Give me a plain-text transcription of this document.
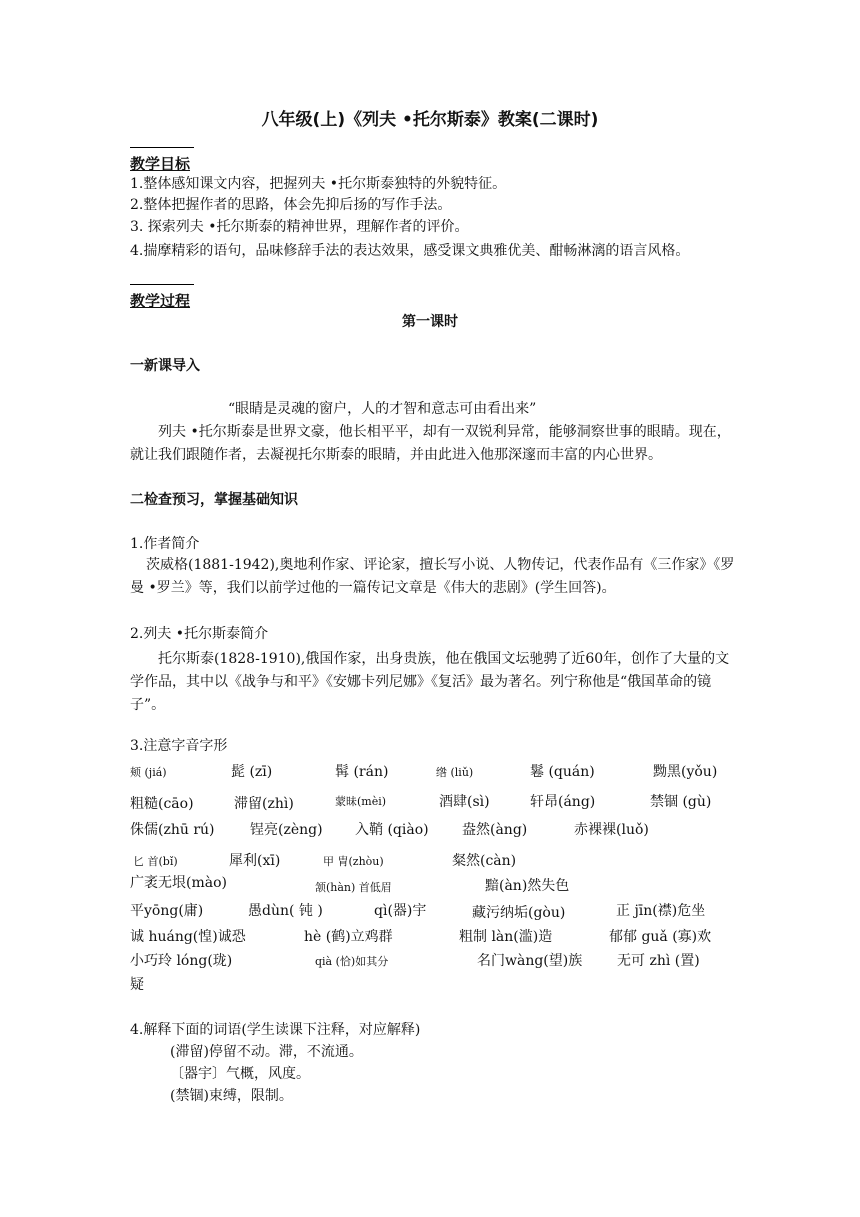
八年级(上)《列夫 •托尔斯泰》教案(二课时)
教学目标
1.整体感知课文内容，把握列夫 •托尔斯泰独特的外貌特征。
2.整体把握作者的思路，体会先抑后扬的写作手法。
3. 探索列夫 •托尔斯泰的精神世界，理解作者的评价。
4.揣摩精彩的语句，品味修辞手法的表达效果，感受课文典雅优美、酣畅淋漓的语言风格。
教学过程
第一课时
一新课导入
“眼睛是灵魂的窗户，人的才智和意志可由看出来”
列夫 •托尔斯泰是世界文豪，他长相平平，却有一双锐利异常，能够洞察世事的眼睛。现在，就让我们跟随作者，去凝视托尔斯泰的眼睛，并由此进入他那深邃而丰富的内心世界。
二检查预习，掌握基础知识
1.作者简介
茨威格(1881-1942),奥地利作家、评论家，擅长写小说、人物传记，代表作品有《三作家》《罗曼 •罗兰》等，我们以前学过他的一篇传记文章是《伟大的悲剧》(学生回答)。
2.列夫 •托尔斯泰简介
托尔斯泰(1828-1910),俄国作家，出身贵族，他在俄国文坛驰骋了近60年，创作了大量的文学作品，其中以《战争与和平》《安娜卡列尼娜》《复活》最为著名。列宁称他是“俄国革命的镜子”。
3.注意字音字形
颊 (jiá)	髭 (zī)	髯 (rán)	绺 (liǔ)	鬈 (quán)	黝黑(yǒu)
粗糙(cāo)	滞留(zhì)	蒙昧(mèi)	酒肆(sì)	轩昂(áng)	禁锢 (gù)
侏儒(zhū rú)	锃亮(zèng) 入鞘 (qiào) 盎然(àng)	赤裸裸(luǒ)
匕 首(bǐ)	犀利(xī)	甲 胄(zhòu)	粲然(càn)
广袤无垠(mào)	颔(hàn) 首低眉	黯(àn)然失色
平yōng(庸)	愚dùn( 钝 )	qì(器)宇	藏污纳垢(gòu)	正 jīn(襟)危坐
诚 huáng(惶)诚恐	hè (鹤)立鸡群	粗制 làn(滥)造	郁郁 guǎ (寡)欢
小巧玲 lóng(珑)	qià (恰)如其分	名门wàng(望)族 无可 zhì (置)
疑
4.解释下面的词语(学生读课下注释，对应解释)
(滞留)停留不动。滞，不流通。
〔器宇〕气概，风度。
(禁锢)束缚，限制。
